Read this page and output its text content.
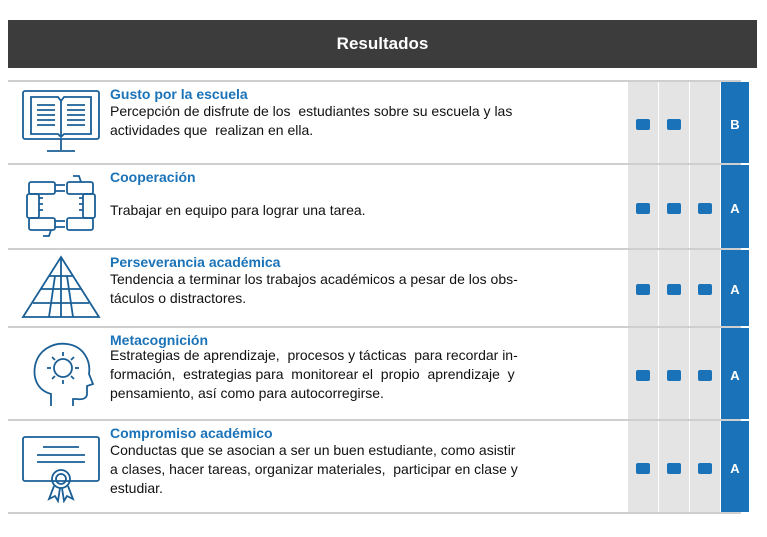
Resultados
B
Gusto por la escuela
Percepción de disfrute de los  estudiantes sobre su escuela y las
actividades que  realizan en ella.
A
Cooperación
Trabajar en equipo para lograr una tarea.
A
Perseverancia académica
Tendencia a terminar los trabajos académicos a pesar de los obs-
táculos o distractores.
A
Metacognición
Estrategias de aprendizaje,  procesos y tácticas  para recordar in-
formación,  estrategias para  monitorear el  propio  aprendizaje  y
pensamiento, así como para autocorregirse.
A
Compromiso académico
Conductas que se asocian a ser un buen estudiante, como asistir
a clases, hacer tareas, organizar materiales,  participar en clase y
estudiar.
